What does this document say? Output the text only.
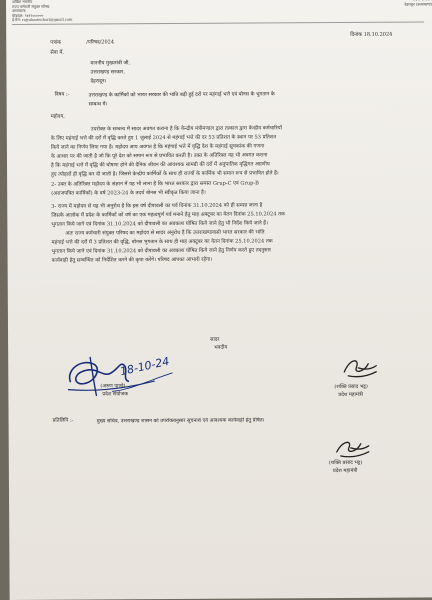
अखिल भारतीय
राज्य कर्मचारी संयुक्त परिषद
उत्तराखण्ड
मोबाइल: ९४१२००००००
ई-मेल: rajyakarmchari@gmail.com
देहरादून (उत्तराखण्ड)
पत्रांक	/परिषद/2024
दिनांक 18.10.2024
सेवा में,
माननीय मुख्यमंत्री जी,
उत्तराखण्ड सरकार,
देहरादून।
विषय :-	उत्तराखण्ड के कार्मिकों को भारत सरकार की भांति बढ़ी हुई दरों पर महंगाई भत्ते एवं बोनस के भुगतान के
सम्बन्ध में।
महोदय,
उपरोक्त के सम्बन्ध में सादर अवगत कराना है कि केन्द्रीय मंत्रीमण्डल द्वारा तत्काल द्वारा केन्द्रीय कर्मचारियों
के लिए महंगाई भत्ते की दरों में वृद्धि करते हुए 1 जुलाई 2024 से महंगाई भत्ते की दर 53 प्रतिशत के स्थान पर 53 प्रतिशत
किये जाने का निर्णय लिया गया है। महोदय आप अवगत है कि महंगाई भत्ते में वृद्धि देश के महंगाई सूचकांक की गणना
के आधार पर की जाती है जो कि पूरे देश को समान रूप से प्रभावित करती है। उक्त के अतिरिक्त यह भी अवगत कराना
है कि महंगाई भत्ते में वृद्धि की घोषणा होने की दैनिक जीवन की आवश्यक सामग्री की दरों में अनुपातिक वृद्धिगत अग्रणीय
हुए त्योहारों ही वृद्धि कर दी जाती है। जिससे केन्द्रीय कार्मिकों के साथ ही राज्यों के कार्मिक भी समान रूप से प्रभावित होते हैं।
2- उक्त के अतिरिक्त महोदय के संज्ञान में यह भी लाना है कि भारत सरकार द्वारा समस्त Grup-C एवं Grup-B
(अराजपत्रित कार्मिकों) के वर्ष 2023-24 के तदर्थ बोनस भी स्वीकृत किया जाना है।
3- राज्य में महोदय से यह भी अनुरोध है कि इस वर्ष दीपावली का पर्व दिनांक 31.10.2024 को ही सम्पन्न जाना है
जिसके आलोक में प्रदेश के कार्मिकों को वर्ष का एक महत्वपूर्ण पर्व मनाने हेतु माह अक्टूबर का वेतन दिनांक 25.10.2024 तक
भुगतान किये जाने एवं दिनांक 31.10.2024 को दीपावली का अवकाश घोषित किये जाने हेतु भी निर्देश किये जाने हैं।
अतः राज्य कर्मचारी संयुक्त परिषद का महोदय से सादर अनुरोध है कि उत्तराखण्डवासी भारत सरकार की भांति
महंगाई भत्ते की दरों में 3 प्रतिशत की वृद्धि, बोनस भुगतान के साथ ही माह अक्टूबर का वेतन दिनांक 25.10.2024 तक
भुगतान किये जाने एवं दिनांक 31.10.2024 को दीपावली का अवकाश घोषित किये जाने हेतु निर्णय करते हुए तदनुसार
कार्यवाही हेतु सम्बन्धित को निर्देशित करने की कृपा करेंगे। परिषद आपका आभारी रहेगा।
सादर
भवदीय
18-10-24
(अरुण पाण्डे)
प्रदेश संयोजक
(शक्ति प्रसाद भट्ट)
प्रदेश महामंत्री
प्रतिलिपि :-	मुख्य सचिव, उत्तराखण्ड शासन को उपरोक्तानुसार सूचनार्थ एवं आवश्यक कार्यवाही हेतु प्रेषित।
(शक्ति प्रसाद भट्ट)
प्रदेश महामंत्री
